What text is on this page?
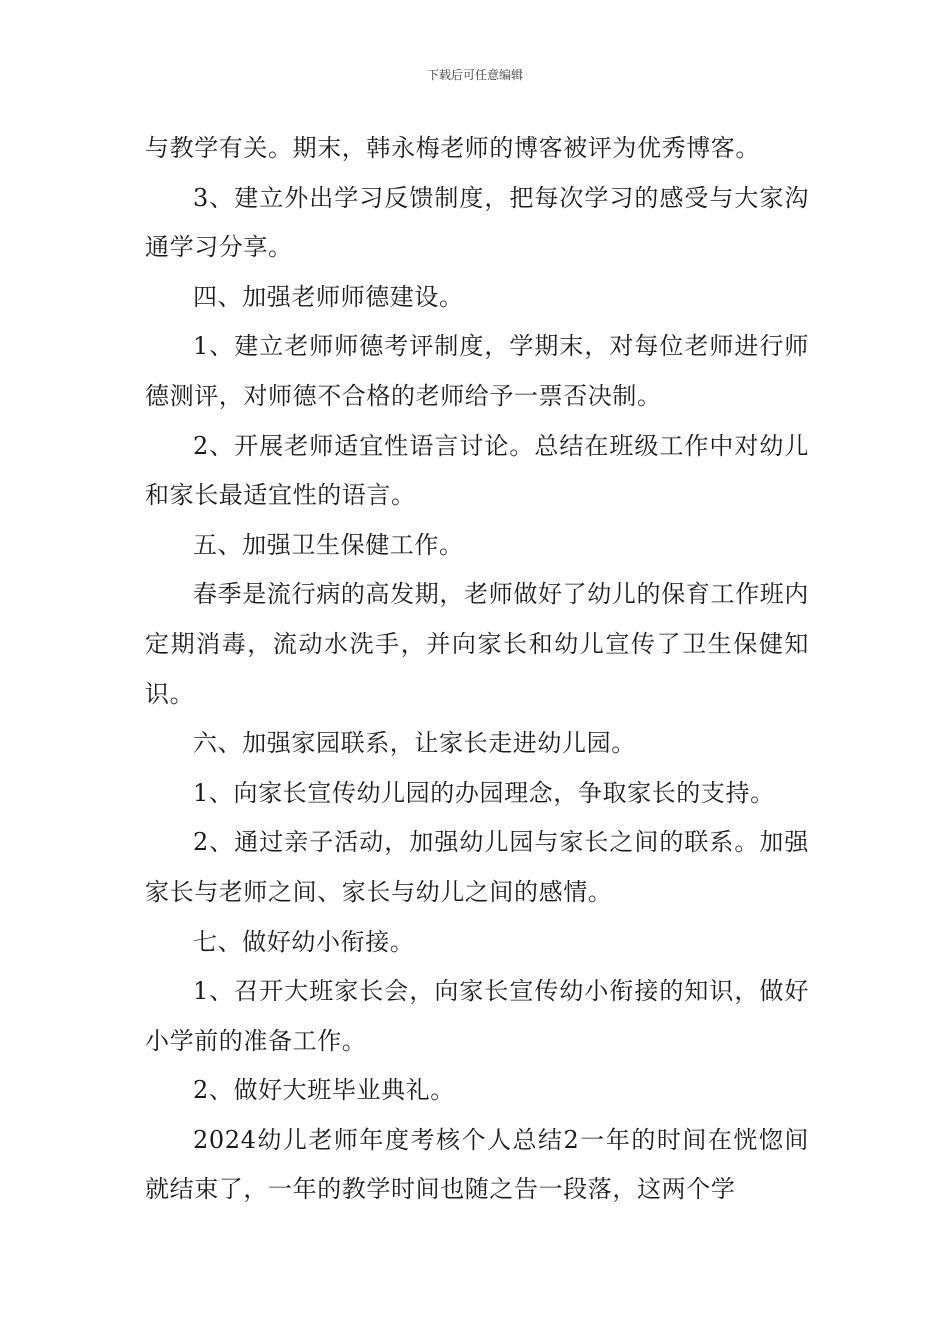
下载后可任意编辑

与教学有关。期末，韩永梅老师的博客被评为优秀博客。

3、建立外出学习反馈制度，把每次学习的感受与大家沟通学习分享。

四、加强老师师德建设。

1、建立老师师德考评制度，学期末，对每位老师进行师德测评，对师德不合格的老师给予一票否决制。

2、开展老师适宜性语言讨论。总结在班级工作中对幼儿和家长最适宜性的语言。

五、加强卫生保健工作。

春季是流行病的高发期，老师做好了幼儿的保育工作班内定期消毒，流动水洗手，并向家长和幼儿宣传了卫生保健知识。

六、加强家园联系，让家长走进幼儿园。

1、向家长宣传幼儿园的办园理念，争取家长的支持。

2、通过亲子活动，加强幼儿园与家长之间的联系。加强家长与老师之间、家长与幼儿之间的感情。

七、做好幼小衔接。

1、召开大班家长会，向家长宣传幼小衔接的知识，做好小学前的准备工作。

2、做好大班毕业典礼。

2024幼儿老师年度考核个人总结2一年的时间在恍惚间就结束了，一年的教学时间也随之告一段落，这两个学
